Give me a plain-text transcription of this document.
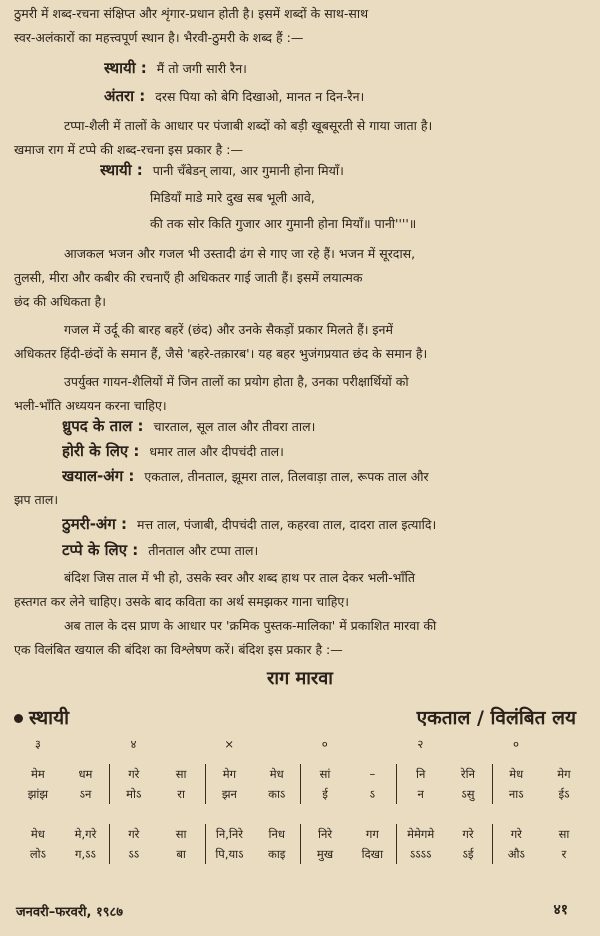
ठुमरी में शब्द-रचना संक्षिप्त और शृंगार-प्रधान होती है। इसमें शब्दों के साथ-साथ
स्वर-अलंकारों का महत्त्वपूर्ण स्थान है। भैरवी-ठुमरी के शब्द हैं :—
स्थायी : मैं तो जगी सारी रैन।
अंतरा : दरस पिया को बेगि दिखाओ, मानत न दिन-रैन।
टप्पा-शैली में तालों के आधार पर पंजाबी शब्दों को बड़ी खूबसूरती से गाया जाता है।
खमाज राग में टप्पे की शब्द-रचना इस प्रकार है :—
स्थायी : पानी चँबेडन् लाया, आर गुमानी होना मियाँ।
मिडियाँ माडे मारे दुख सब भूली आवे,
की तक सोर किति गुजार आर गुमानी होना मियाँ॥ पानी''''॥
आजकल भजन और गजल भी उस्तादी ढंग से गाए जा रहे हैं। भजन में सूरदास,
तुलसी, मीरा और कबीर की रचनाएँ ही अधिकतर गाई जाती हैं। इसमें लयात्मक
छंद की अधिकता है।
गजल में उर्दू की बारह बहरें (छंद) और उनके सैकड़ों प्रकार मिलते हैं। इनमें
अधिकतर हिंदी-छंदों के समान हैं, जैसे 'बहरे-तक़ारब'। यह बहर भुजंगप्रयात छंद के समान है।
उपर्युक्त गायन-शैलियों में जिन तालों का प्रयोग होता है, उनका परीक्षार्थियों को
भली-भाँति अध्ययन करना चाहिए।
ध्रुपद के ताल : चारताल, सूल ताल और तीवरा ताल।
होरी के लिए : धमार ताल और दीपचंदी ताल।
खयाल-अंग : एकताल, तीनताल, झूमरा ताल, तिलवाड़ा ताल, रूपक ताल और
झप ताल।
ठुमरी-अंग : मत्त ताल, पंजाबी, दीपचंदी ताल, कहरवा ताल, दादरा ताल इत्यादि।
टप्पे के लिए : तीनताल और टप्पा ताल।
बंदिश जिस ताल में भी हो, उसके स्वर और शब्द हाथ पर ताल देकर भली-भाँति
हस्तगत कर लेने चाहिए। उसके बाद कविता का अर्थ समझकर गाना चाहिए।
अब ताल के दस प्राण के आधार पर 'क्रमिक पुस्तक-मालिका' में प्रकाशित मारवा की
एक विलंबित खयाल की बंदिश का विश्लेषण करें। बंदिश इस प्रकार है :—
राग मारवा
स्थायी	एकताल / विलंबित लय
३		४		×		०		२		०	

मेम	धम	गरे	सा	मेग	मेध	सां	–	नि	रेनि	मेध	मेग
झांझ	ऽन	मोऽ	रा	झन	काऽ	ई	ऽ	न	ऽसु	नाऽ	ईऽ

मेध	मे,गरे	गरे	सा	नि,निरे	निध	निरे	गग	मेमेगमे	गरे	गरे	सा
लोऽ	ग,ऽऽ	ऽऽ	बा	पि,याऽ	काइ	मुख	दिखा	ऽऽऽऽ	ऽई	औऽ	र
जनवरी–फरवरी, १९८७	४१
